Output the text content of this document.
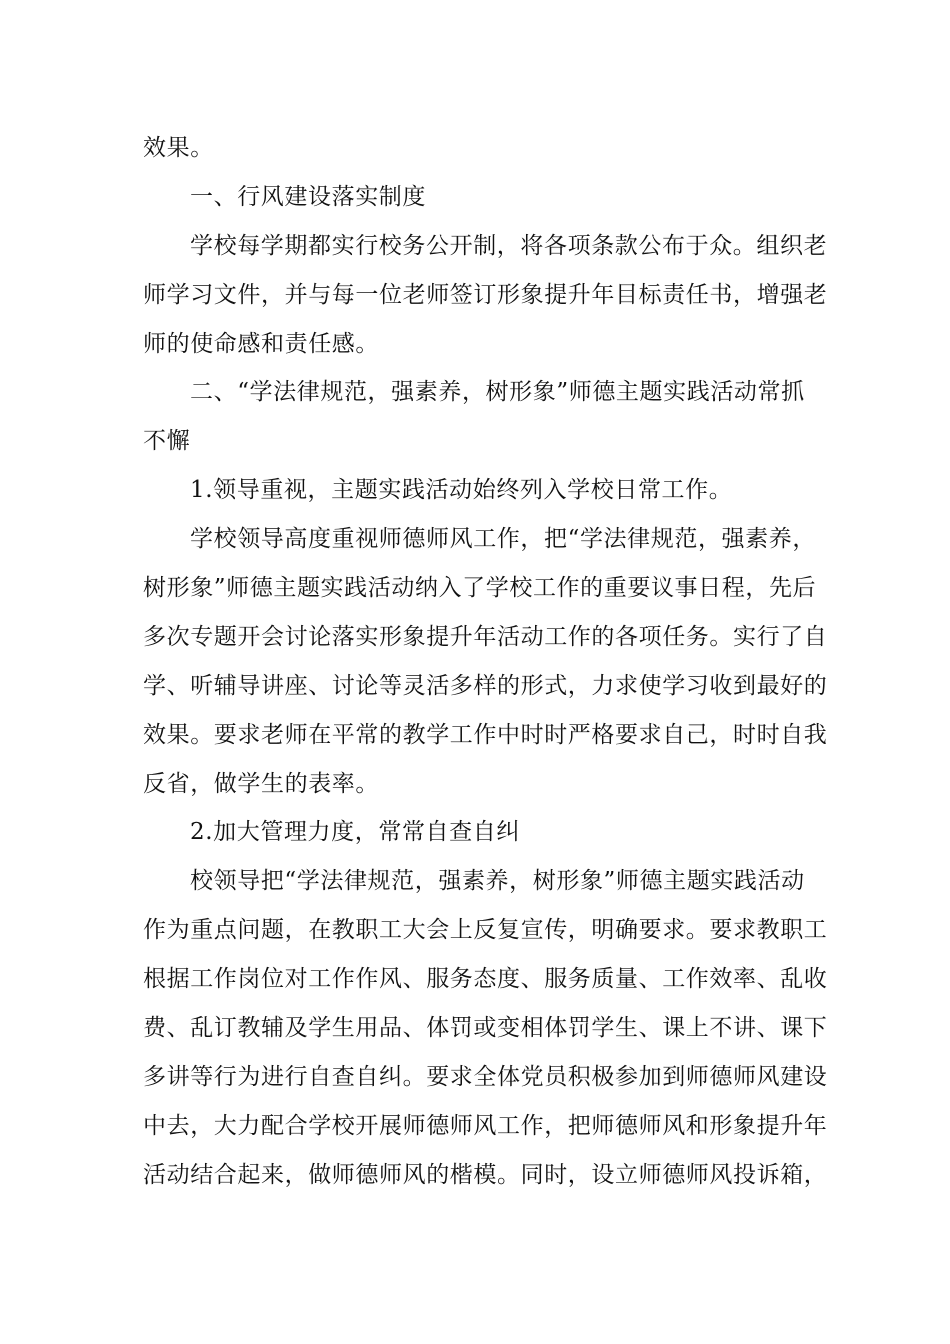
效果。
一、行风建设落实制度
学校每学期都实行校务公开制，将各项条款公布于众。组织老
师学习文件，并与每一位老师签订形象提升年目标责任书，增强老
师的使命感和责任感。
二、“学法律规范，强素养，树形象”师德主题实践活动常抓
不懈
1.领导重视，主题实践活动始终列入学校日常工作。
学校领导高度重视师德师风工作，把“学法律规范，强素养，
树形象”师德主题实践活动纳入了学校工作的重要议事日程，先后
多次专题开会讨论落实形象提升年活动工作的各项任务。实行了自
学、听辅导讲座、讨论等灵活多样的形式，力求使学习收到最好的
效果。要求老师在平常的教学工作中时时严格要求自己，时时自我
反省，做学生的表率。
2.加大管理力度，常常自查自纠
校领导把“学法律规范，强素养，树形象”师德主题实践活动
作为重点问题，在教职工大会上反复宣传，明确要求。要求教职工
根据工作岗位对工作作风、服务态度、服务质量、工作效率、乱收
费、乱订教辅及学生用品、体罚或变相体罚学生、课上不讲、课下
多讲等行为进行自查自纠。要求全体党员积极参加到师德师风建设
中去，大力配合学校开展师德师风工作，把师德师风和形象提升年
活动结合起来，做师德师风的楷模。同时，设立师德师风投诉箱，
